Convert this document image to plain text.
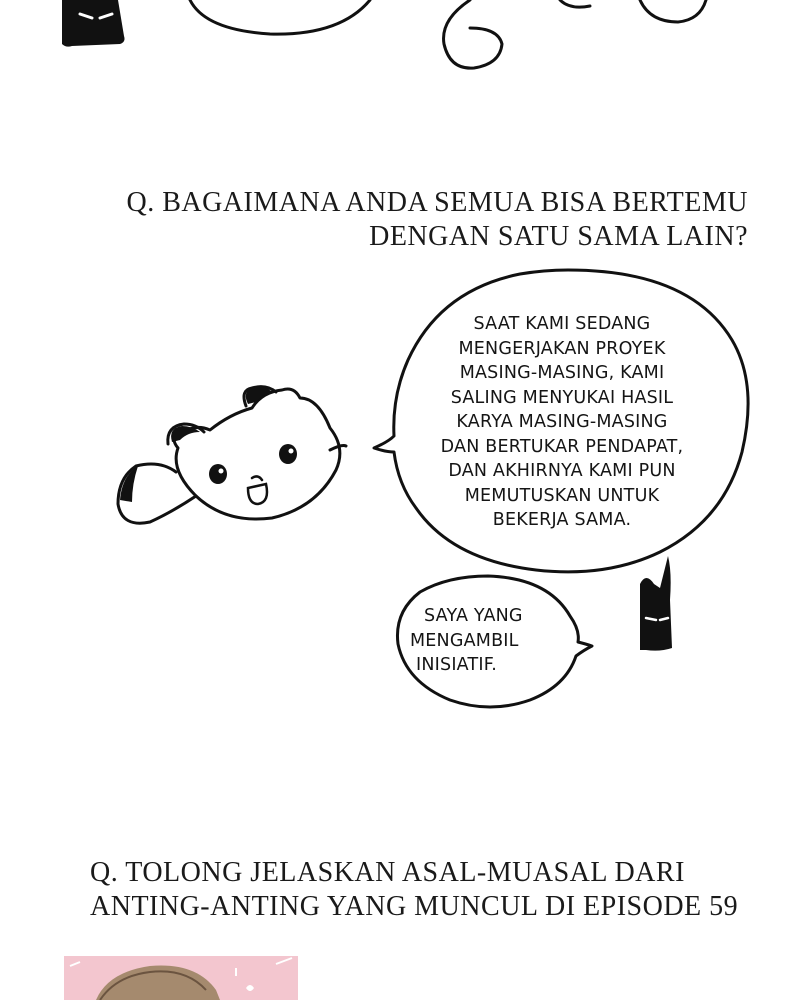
Q. BAGAIMANA ANDA SEMUA BISA BERTEMU
DENGAN SATU SAMA LAIN?

SAAT KAMI SEDANG
MENGERJAKAN PROYEK
MASING-MASING, KAMI
SALING MENYUKAI HASIL
KARYA MASING-MASING
DAN BERTUKAR PENDAPAT,
DAN AKHIRNYA KAMI PUN
MEMUTUSKAN UNTUK
BEKERJA SAMA.

SAYA YANG
MENGAMBIL
INISIATIF.

Q. TOLONG JELASKAN ASAL-MUASAL DARI
ANTING-ANTING YANG MUNCUL DI EPISODE 59
